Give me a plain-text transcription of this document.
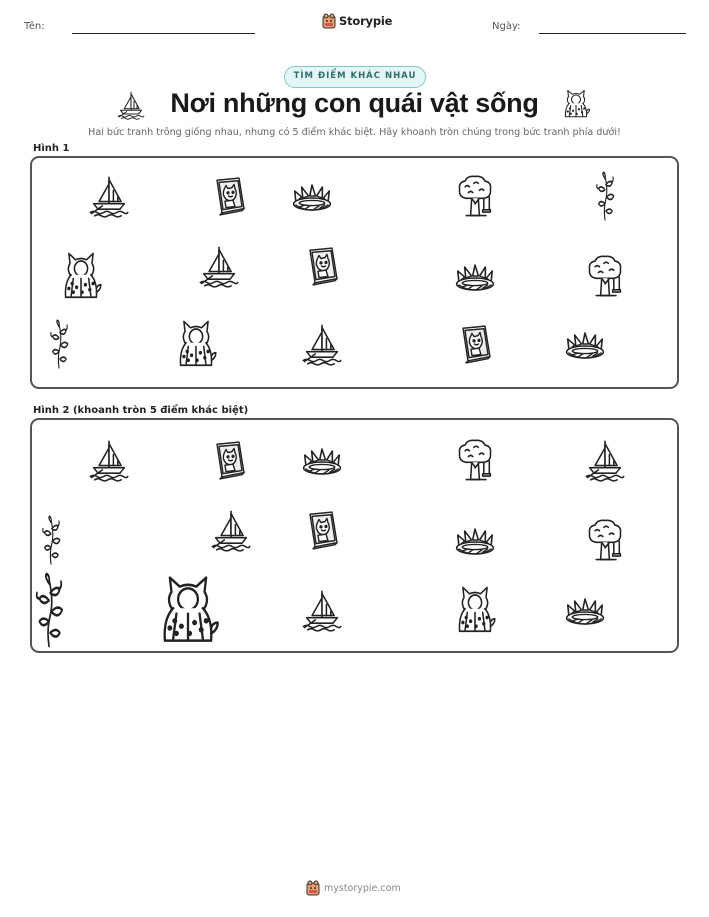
Tên:	Storypie	Ngày:
TÌM ĐIỂM KHÁC NHAU
Nơi những con quái vật sống
Hai bức tranh trông giống nhau, nhưng có 5 điểm khác biệt. Hãy khoanh tròn chúng trong bức tranh phía dưới!
Hình 1
Hình 2 (khoanh tròn 5 điểm khác biệt)
mystorypie.com
